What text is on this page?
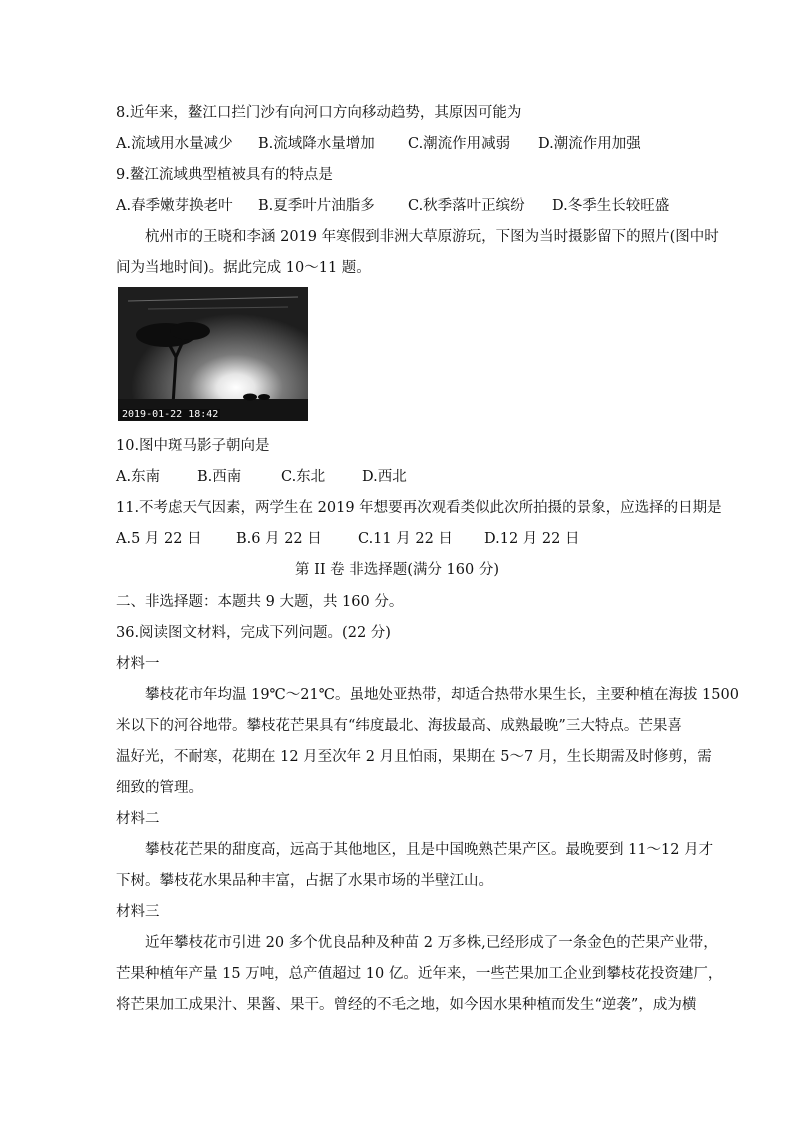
8.近年来，鳌江口拦门沙有向河口方向移动趋势，其原因可能为
A.流域用水量减少 B.流域降水量增加 C.潮流作用减弱 D.潮流作用加强
9.鳌江流域典型植被具有的特点是
A.春季嫩芽换老叶 B.夏季叶片油脂多 C.秋季落叶正缤纷 D.冬季生长较旺盛
杭州市的王晓和李涵 2019 年寒假到非洲大草原游玩，下图为当时摄影留下的照片(图中时
间为当地时间)。据此完成 10～11 题。
2019-01-22 18:42
10.图中斑马影子朝向是
A.东南	B.西南	C.东北	D.西北
11.不考虑天气因素，两学生在 2019 年想要再次观看类似此次所拍摄的景象，应选择的日期是
A.5 月 22 日 B.6 月 22 日 C.11 月 22 日 D.12 月 22 日
第 II 卷 非选择题(满分 160 分)
二、非选择题：本题共 9 大题，共 160 分。
36.阅读图文材料，完成下列问题。(22 分)
材料一
攀枝花市年均温 19℃～21℃。虽地处亚热带，却适合热带水果生长，主要种植在海拔 1500
米以下的河谷地带。攀枝花芒果具有“纬度最北、海拔最高、成熟最晚”三大特点。芒果喜
温好光，不耐寒，花期在 12 月至次年 2 月且怕雨，果期在 5～7 月，生长期需及时修剪，需
细致的管理。
材料二
攀枝花芒果的甜度高，远高于其他地区，且是中国晚熟芒果产区。最晚要到 11～12 月才
下树。攀枝花水果品种丰富，占据了水果市场的半壁江山。
材料三
近年攀枝花市引进 20 多个优良品种及种苗 2 万多株,已经形成了一条金色的芒果产业带，
芒果种植年产量 15 万吨，总产值超过 10 亿。近年来，一些芒果加工企业到攀枝花投资建厂，
将芒果加工成果汁、果酱、果干。曾经的不毛之地，如今因水果种植而发生“逆袭”，成为横
